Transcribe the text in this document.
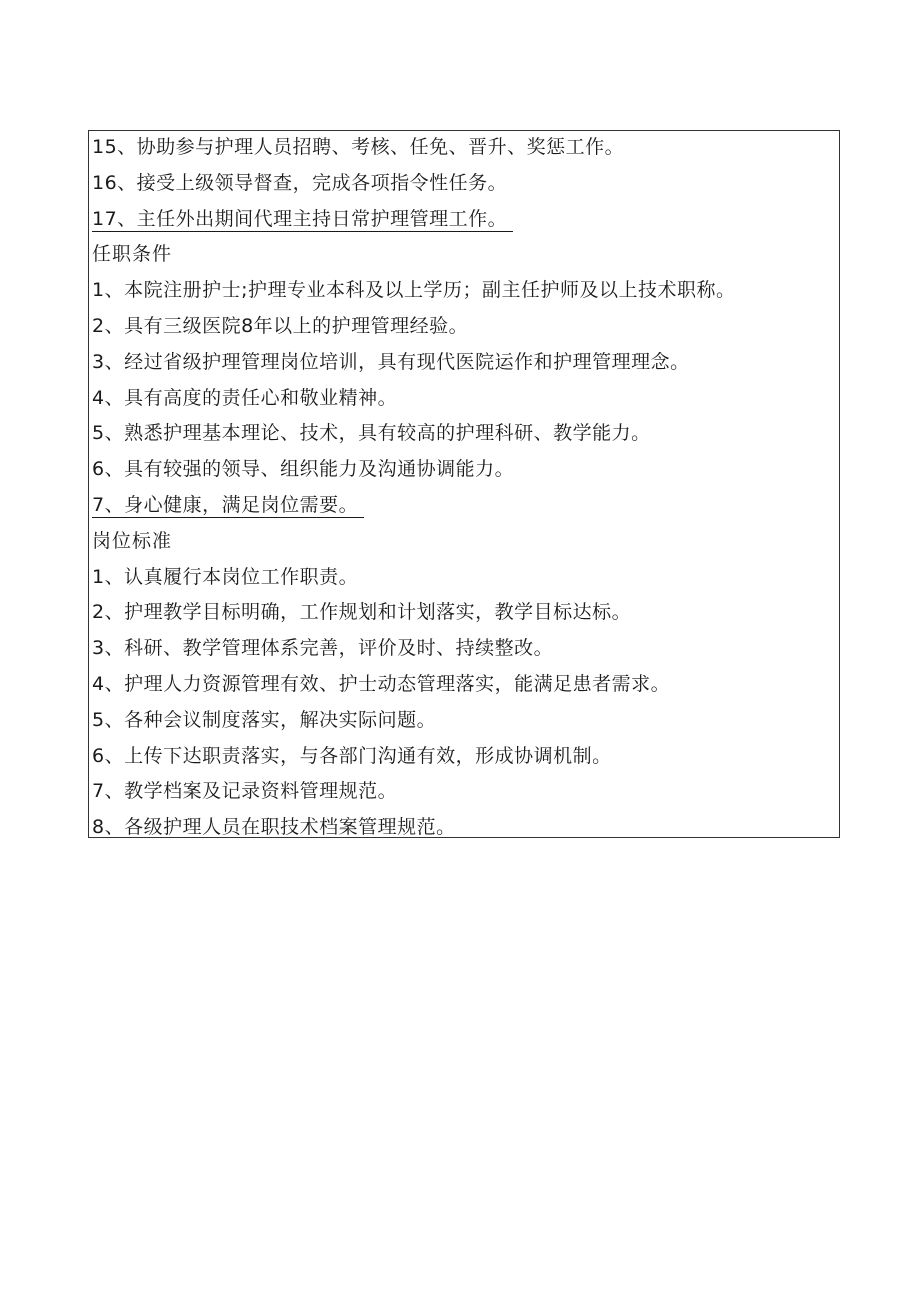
15、协助参与护理人员招聘、考核、任免、晋升、奖惩工作。
16、接受上级领导督查，完成各项指令性任务。
17、主任外出期间代理主持日常护理管理工作。
任职条件
1、本院注册护士;护理专业本科及以上学历；副主任护师及以上技术职称。
2、具有三级医院8年以上的护理管理经验。
3、经过省级护理管理岗位培训，具有现代医院运作和护理管理理念。
4、具有高度的责任心和敬业精神。
5、熟悉护理基本理论、技术，具有较高的护理科研、教学能力。
6、具有较强的领导、组织能力及沟通协调能力。
7、身心健康，满足岗位需要。
岗位标准
1、认真履行本岗位工作职责。
2、护理教学目标明确，工作规划和计划落实，教学目标达标。
3、科研、教学管理体系完善，评价及时、持续整改。
4、护理人力资源管理有效、护士动态管理落实，能满足患者需求。
5、各种会议制度落实，解决实际问题。
6、上传下达职责落实，与各部门沟通有效，形成协调机制。
7、教学档案及记录资料管理规范。
8、各级护理人员在职技术档案管理规范。
